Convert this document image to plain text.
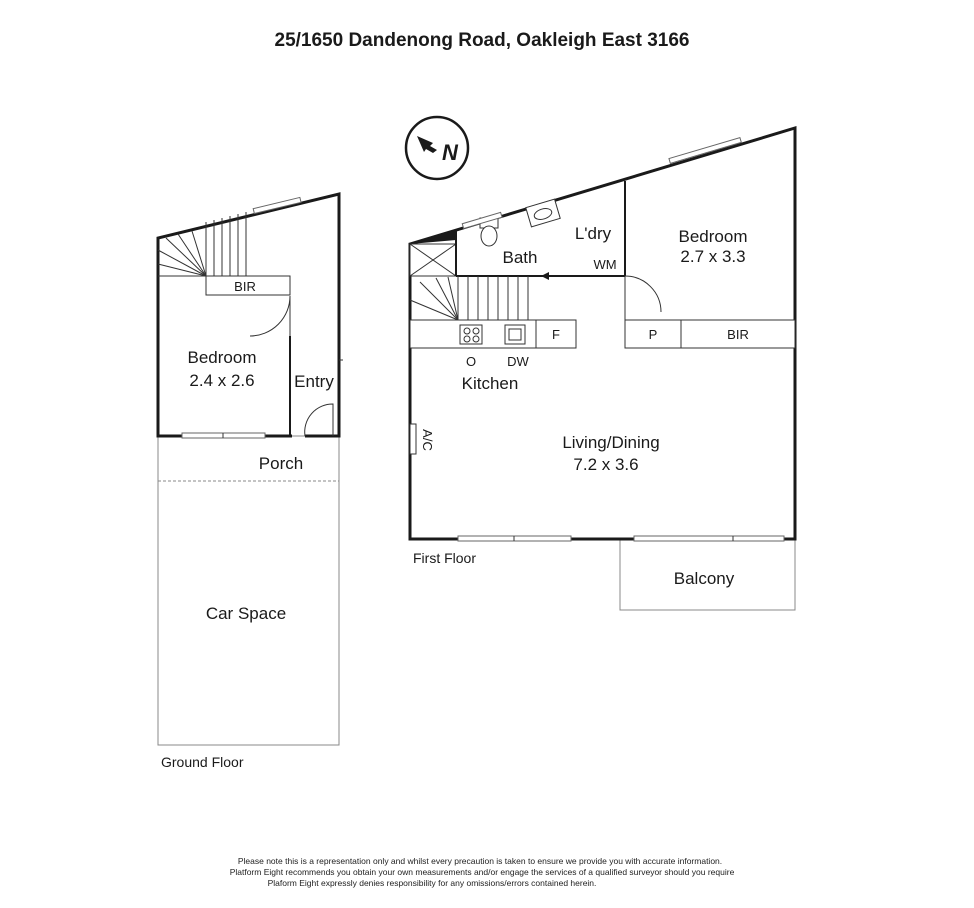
25/1650 Dandenong Road, Oakleigh East 3166
N
BIR
Bedroom
2.4 x 2.6 Entry
Porch
Car Space
Ground Floor
F	P	BIR
Bath
L'dry
WM
Bedroom
2.7 x 3.3
O DW
Kitchen
A/C	Living/Dining
7.2 x 3.6
Balcony
First Floor
Please note this is a representation only and whilst every precaution is taken to ensure we provide you with accurate information.
Platform Eight recommends you obtain your own measurements and/or engage the services of a qualified surveyor should you require
Plaform Eight expressly denies responsibility for any omissions/errors contained herein.
